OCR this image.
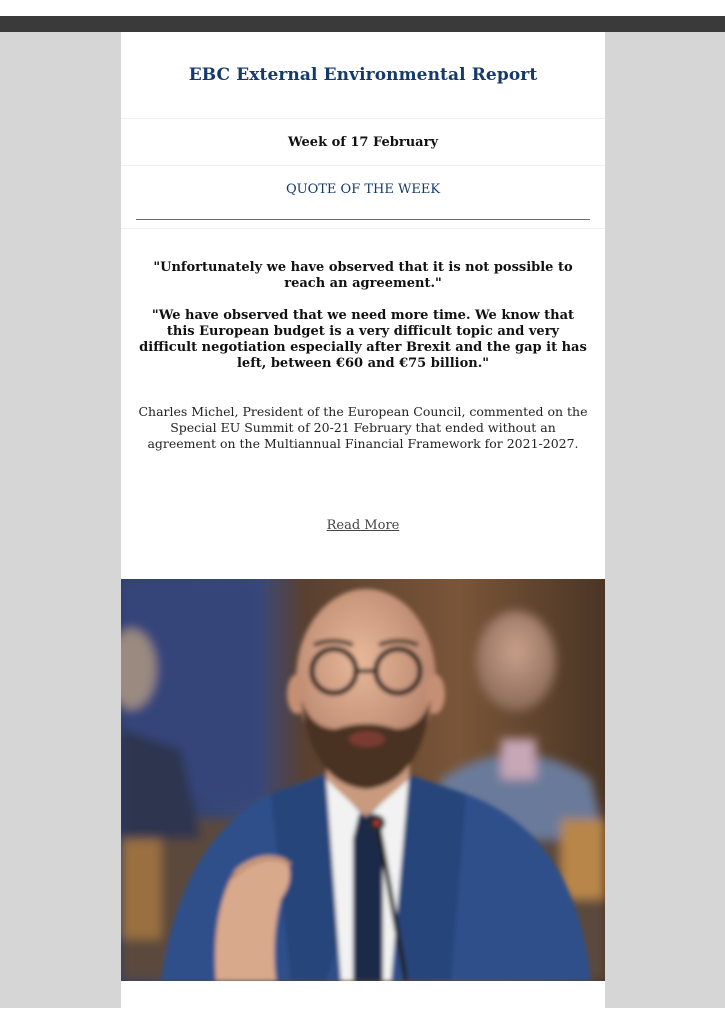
EBC External Environmental Report
Week of 17 February
QUOTE OF THE WEEK

"Unfortunately we have observed that it is not possible to reach an agreement."

"We have observed that we need more time. We know that this European budget is a very difficult topic and very difficult negotiation especially after Brexit and the gap it has left, between €60 and €75 billion."

Charles Michel, President of the European Council, commented on the Special EU Summit of 20-21 February that ended without an agreement on the Multiannual Financial Framework for 2021-2027.

Read More
